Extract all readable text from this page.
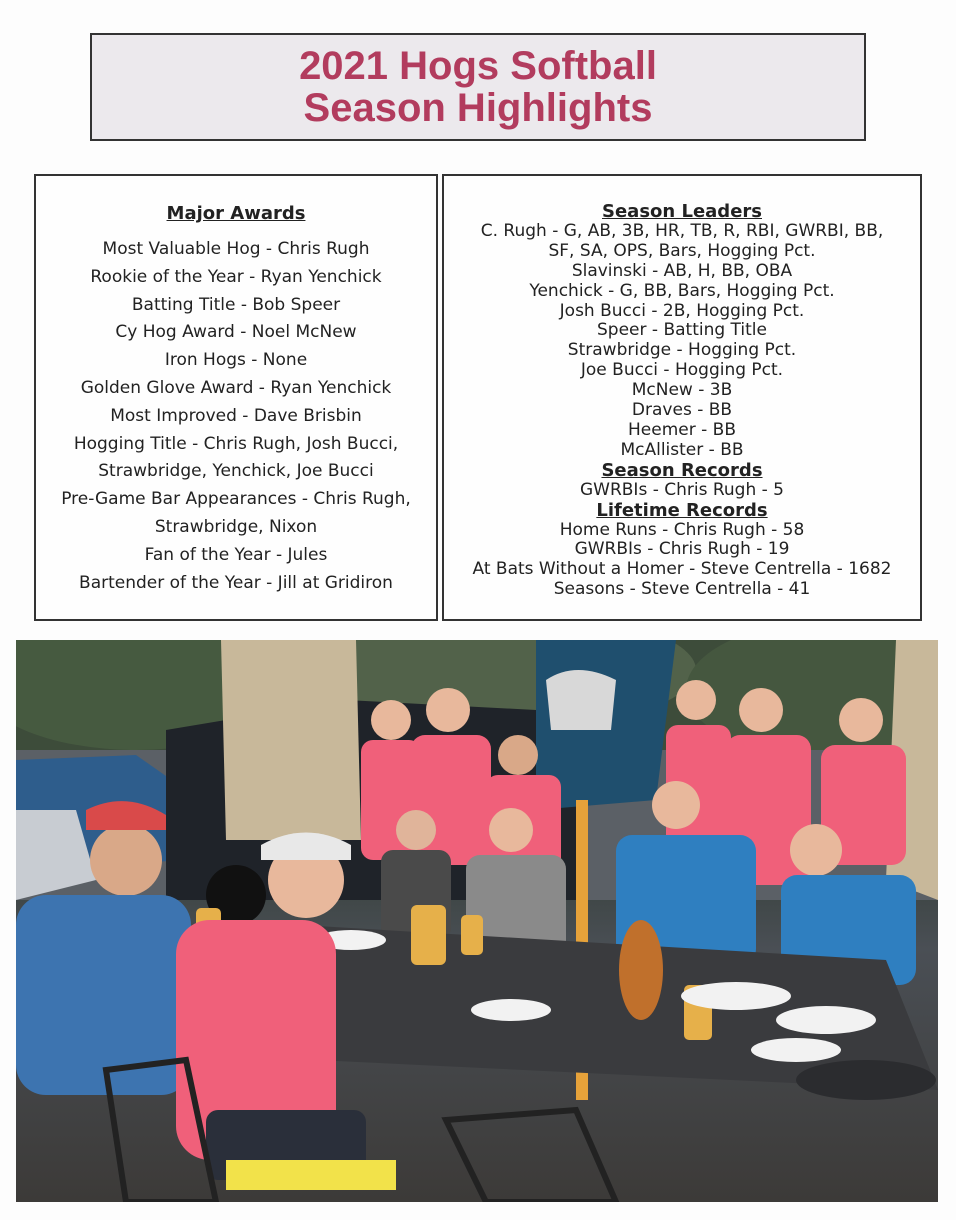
2021 Hogs Softball
Season Highlights
Major Awards
Most Valuable Hog - Chris Rugh
Rookie of the Year - Ryan Yenchick
Batting Title - Bob Speer
Cy Hog Award - Noel McNew
Iron Hogs - None
Golden Glove Award - Ryan Yenchick
Most Improved - Dave Brisbin
Hogging Title - Chris Rugh, Josh Bucci,
Strawbridge, Yenchick, Joe Bucci
Pre-Game Bar Appearances - Chris Rugh,
Strawbridge, Nixon
Fan of the Year - Jules
Bartender of the Year - Jill at Gridiron
Season Leaders
C. Rugh - G, AB, 3B, HR, TB, R, RBI, GWRBI, BB,
SF, SA, OPS, Bars, Hogging Pct.
Slavinski - AB, H, BB, OBA
Yenchick - G, BB, Bars, Hogging Pct.
Josh Bucci - 2B, Hogging Pct.
Speer - Batting Title
Strawbridge - Hogging Pct.
Joe Bucci - Hogging Pct.
McNew - 3B
Draves - BB
Heemer - BB
McAllister - BB
Season Records
GWRBIs - Chris Rugh - 5
Lifetime Records
Home Runs - Chris Rugh - 58
GWRBIs - Chris Rugh - 19
At Bats Without a Homer - Steve Centrella - 1682
Seasons - Steve Centrella - 41
